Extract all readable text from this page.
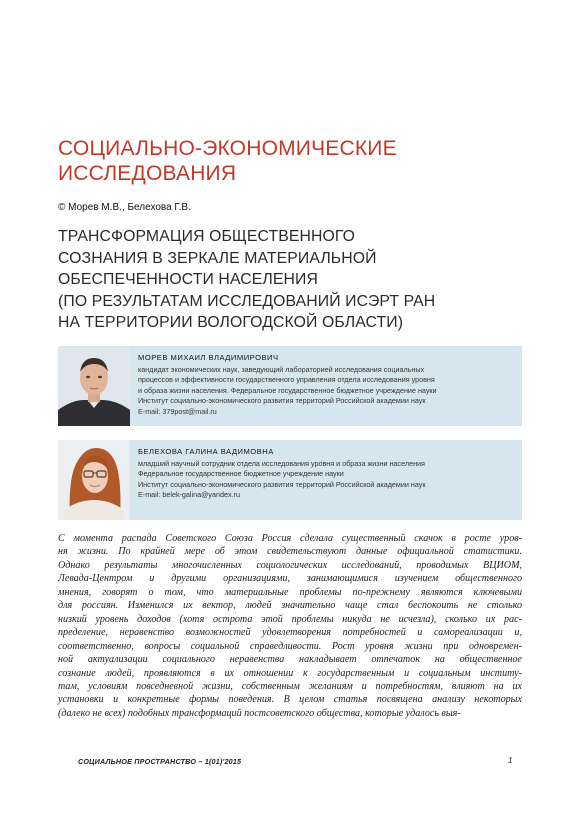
СОЦИАЛЬНО-ЭКОНОМИЧЕСКИЕ
ИССЛЕДОВАНИЯ
© Морев М.В., Белехова Г.В.
ТРАНСФОРМАЦИЯ ОБЩЕСТВЕННОГО
СОЗНАНИЯ В ЗЕРКАЛЕ МАТЕРИАЛЬНОЙ
ОБЕСПЕЧЕННОСТИ НАСЕЛЕНИЯ
(ПО РЕЗУЛЬТАТАМ ИССЛЕДОВАНИЙ ИСЭРТ РАН
НА ТЕРРИТОРИИ ВОЛОГОДСКОЙ ОБЛАСТИ)
МОРЕВ МИХАИЛ ВЛАДИМИРОВИЧ
кандидат экономических наук, заведующий лабораторией исследования социальных
процессов и эффективности государственного управления отдела исследования уровня
и образа жизни населения. Федеральное государственное бюджетное учреждение науки
Институт социально-экономического развития территорий Российской академии наук
E-mail: 379post@mail.ru
БЕЛЕХОВА ГАЛИНА ВАДИМОВНА
младший научный сотрудник отдела исследования уровня и образа жизни населения
Федеральное государственное бюджетное учреждение науки
Институт социально-экономического развития территорий Российской академии наук
E-mail: belek-galina@yandex.ru
С момента распада Советского Союза Россия сделала существенный скачок в росте уров-
ня жизни. По крайней мере об этом свидетельствуют данные официальной статистики.
Однако результаты многочисленных социологических исследований, проводимых ВЦИОМ,
Левада-Центром и другими организациями, занимающимися изучением общественного
мнения, говорят о том, что материальные проблемы по-прежнему являются ключевыми
для россиян. Изменился их вектор, людей значительно чаще стал беспокоить не столько
низкий уровень доходов (хотя острота этой проблемы никуда не исчезла), сколько их рас-
пределение, неравенство возможностей удовлетворения потребностей и самореализации и,
соответственно, вопросы социальной справедливости. Рост уровня жизни при одновремен-
ной актуализации социального неравенства накладывает отпечаток на общественное
сознание людей, проявляются в их отношении к государственным и социальным институ-
там, условиям повседневной жизни, собственным желаниям и потребностям, влияют на их
установки и конкретные формы поведения. В целом статья посвящена анализу некоторых
(далеко не всех) подобных трансформаций постсоветского общества, которые удалось выя-
СОЦИАЛЬНОЕ ПРОСТРАНСТВО – 1(01)'2015	1
